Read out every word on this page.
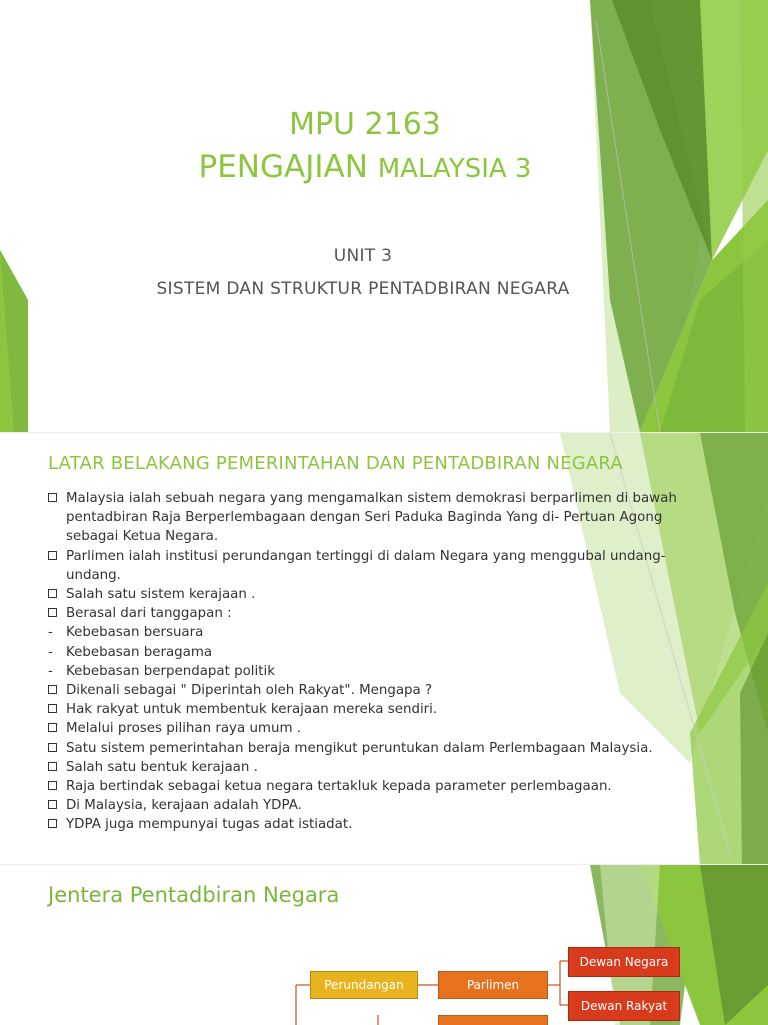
MPU 2163
PENGAJIAN MALAYSIA 3
UNIT 3
SISTEM DAN STRUKTUR PENTADBIRAN NEGARA
LATAR BELAKANG PEMERINTAHAN DAN PENTADBIRAN NEGARA
Malaysia ialah sebuah negara yang mengamalkan sistem demokrasi berparlimen di bawah pentadbiran Raja Berperlembagaan dengan Seri Paduka Baginda Yang di- Pertuan Agong sebagai Ketua Negara.
Parlimen ialah institusi perundangan tertinggi di dalam Negara yang menggubal undang-undang.
Salah satu sistem kerajaan .
Berasal dari tanggapan :
- Kebebasan bersuara
- Kebebasan beragama
- Kebebasan berpendapat politik
Dikenali sebagai " Diperintah oleh Rakyat". Mengapa ?
Hak rakyat untuk membentuk kerajaan mereka sendiri.
Melalui proses pilihan raya umum .
Satu sistem pemerintahan beraja mengikut peruntukan dalam Perlembagaan Malaysia.
Salah satu bentuk kerajaan .
Raja bertindak sebagai ketua negara tertakluk kepada parameter perlembagaan.
Di Malaysia, kerajaan adalah YDPA.
YDPA juga mempunyai tugas adat istiadat.
Jentera Pentadbiran Negara
Perundangan	Parlimen
Dewan Negara
Dewan Rakyat
